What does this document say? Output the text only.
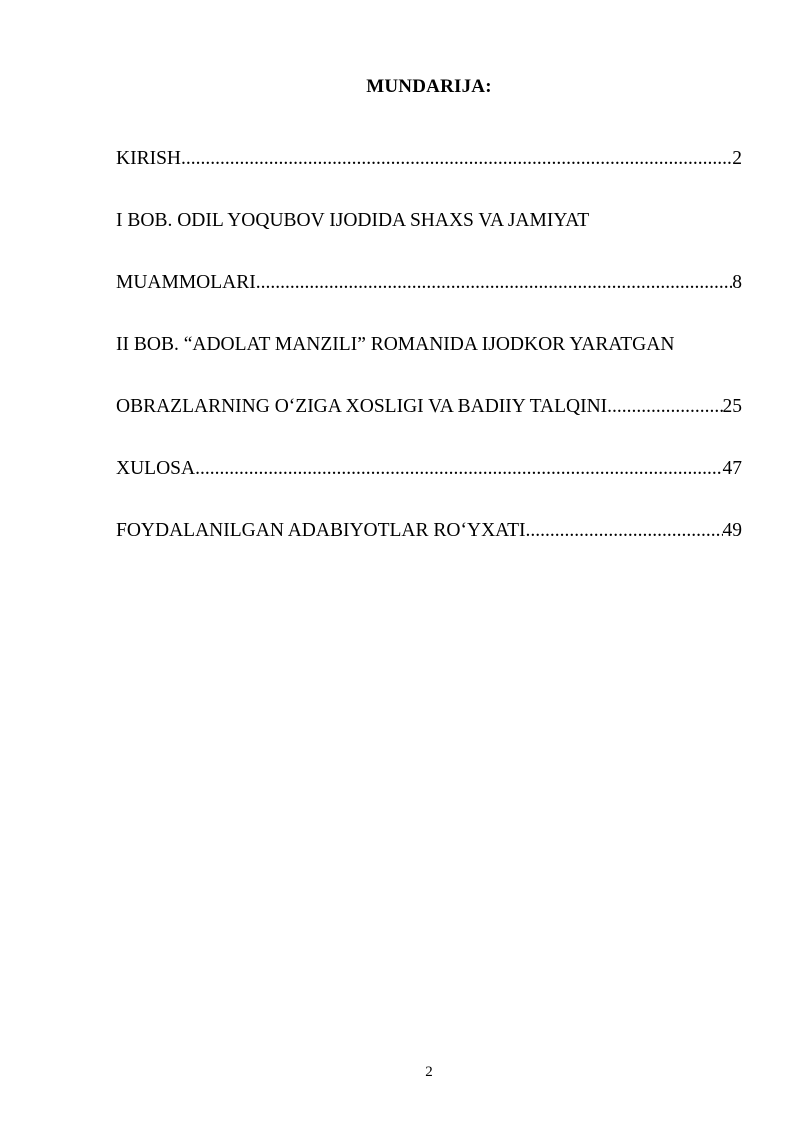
MUNDARIJA:
KIRISH .....	2
I BOB. ODIL YOQUBOV IJODIDA SHAXS VA JAMIYAT
MUAMMOLARI .....	8
II BOB. “ADOLAT MANZILI” ROMANIDA IJODKOR YARATGAN
OBRAZLARNING O‘ZIGA XOSLIGI VA BADIIY TALQINI .....	25
XULOSA .....	47
FOYDALANILGAN ADABIYOTLAR RO‘YXATI .....	49
2
